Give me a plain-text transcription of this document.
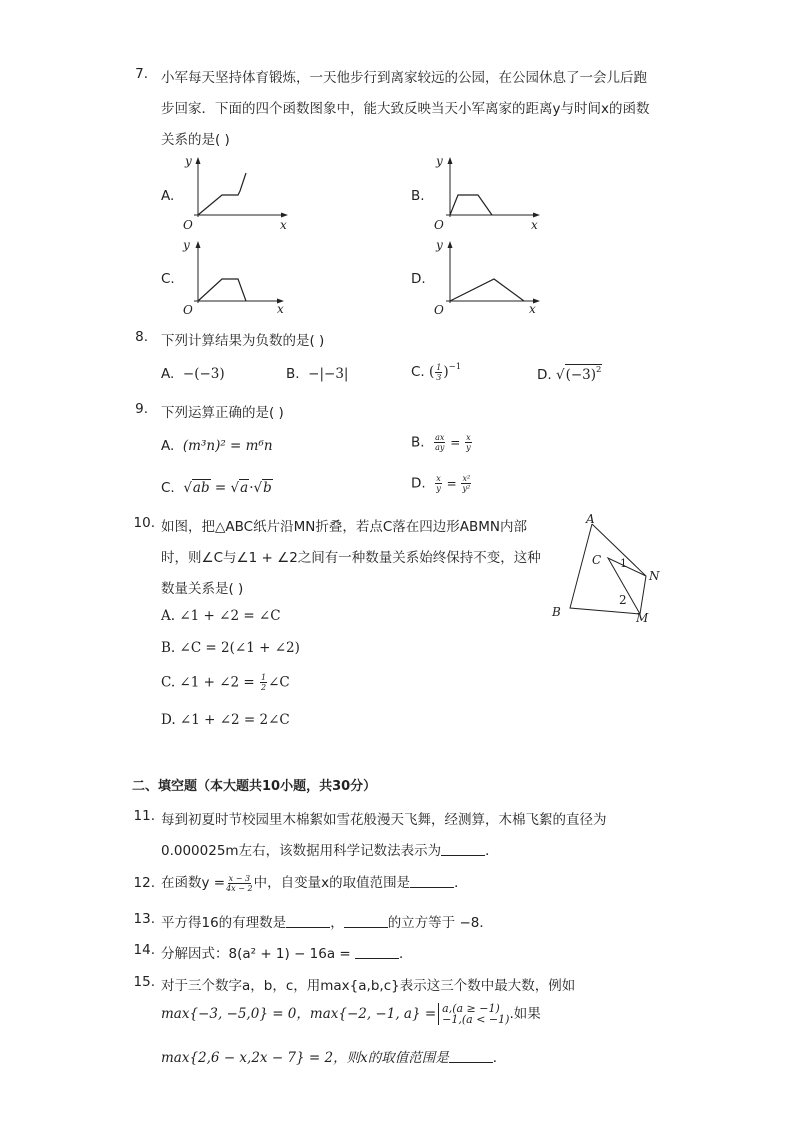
7. 小军每天坚持体育锻炼，一天他步行到离家较远的公园，在公园休息了一会儿后跑
步回家．下面的四个函数图象中，能大致反映当天小军离家的距离y与时间x的函数
关系的是( )
A.	B.
C.	D.
y
x
O
y
x
O
y
x
O
y
x
O
8. 下列计算结果为负数的是( )
A. −(−3)	B. −|−3|	C. ( $\frac{1}{3} )^{-1}$	D. $√(-3)^2$
9. 下列运算正确的是( )
A. (m³n)² = m⁶n	B. $\frac{ax}{ay} = \frac{x}{y}$
C. √ab = √a·√b	D. $\frac{x}{y} = \frac{\text{x²}}{\text{y²}}$
10. 如图，把△ABC纸片沿MN折叠，若点C落在四边形ABMN内部
时，则∠C与∠1 + ∠2之间有一种数量关系始终保持不变，这种
数量关系是( )
A. ∠1 + ∠2 = ∠C
B. ∠C = 2(∠1 + ∠2)
C. ∠1 + ∠2 = $\frac{1}{2}$ ∠C
D. ∠1 + ∠2 = 2∠C
A
B
C
M
N
1
2
二、填空题（本大题共10小题，共30分）
11. 每到初夏时节校园里木棉絮如雪花般漫天飞舞，经测算，木棉飞絮的直径为
0.000025m左右，该数据用科学记数法表示为	．
12. 在函数$y = \frac{x - 3}{4x - 2}$ 中，自变量x的取值范围是	．
13. 平方得16的有理数是	，	的立方等于 −8．
14. 分解因式：8(a² + 1) − 16a =	．
15. 对于三个数字a，b，c，用max{a,b,c}表示这三个数中最大数，例如
max{−3, −5,0} = 0，max{−2, −1, a} = a,(a ≥ −1)
−1,(a < −1) .如果
max{2,6 − x,2x − 7} = 2，则x的取值范围是	．
